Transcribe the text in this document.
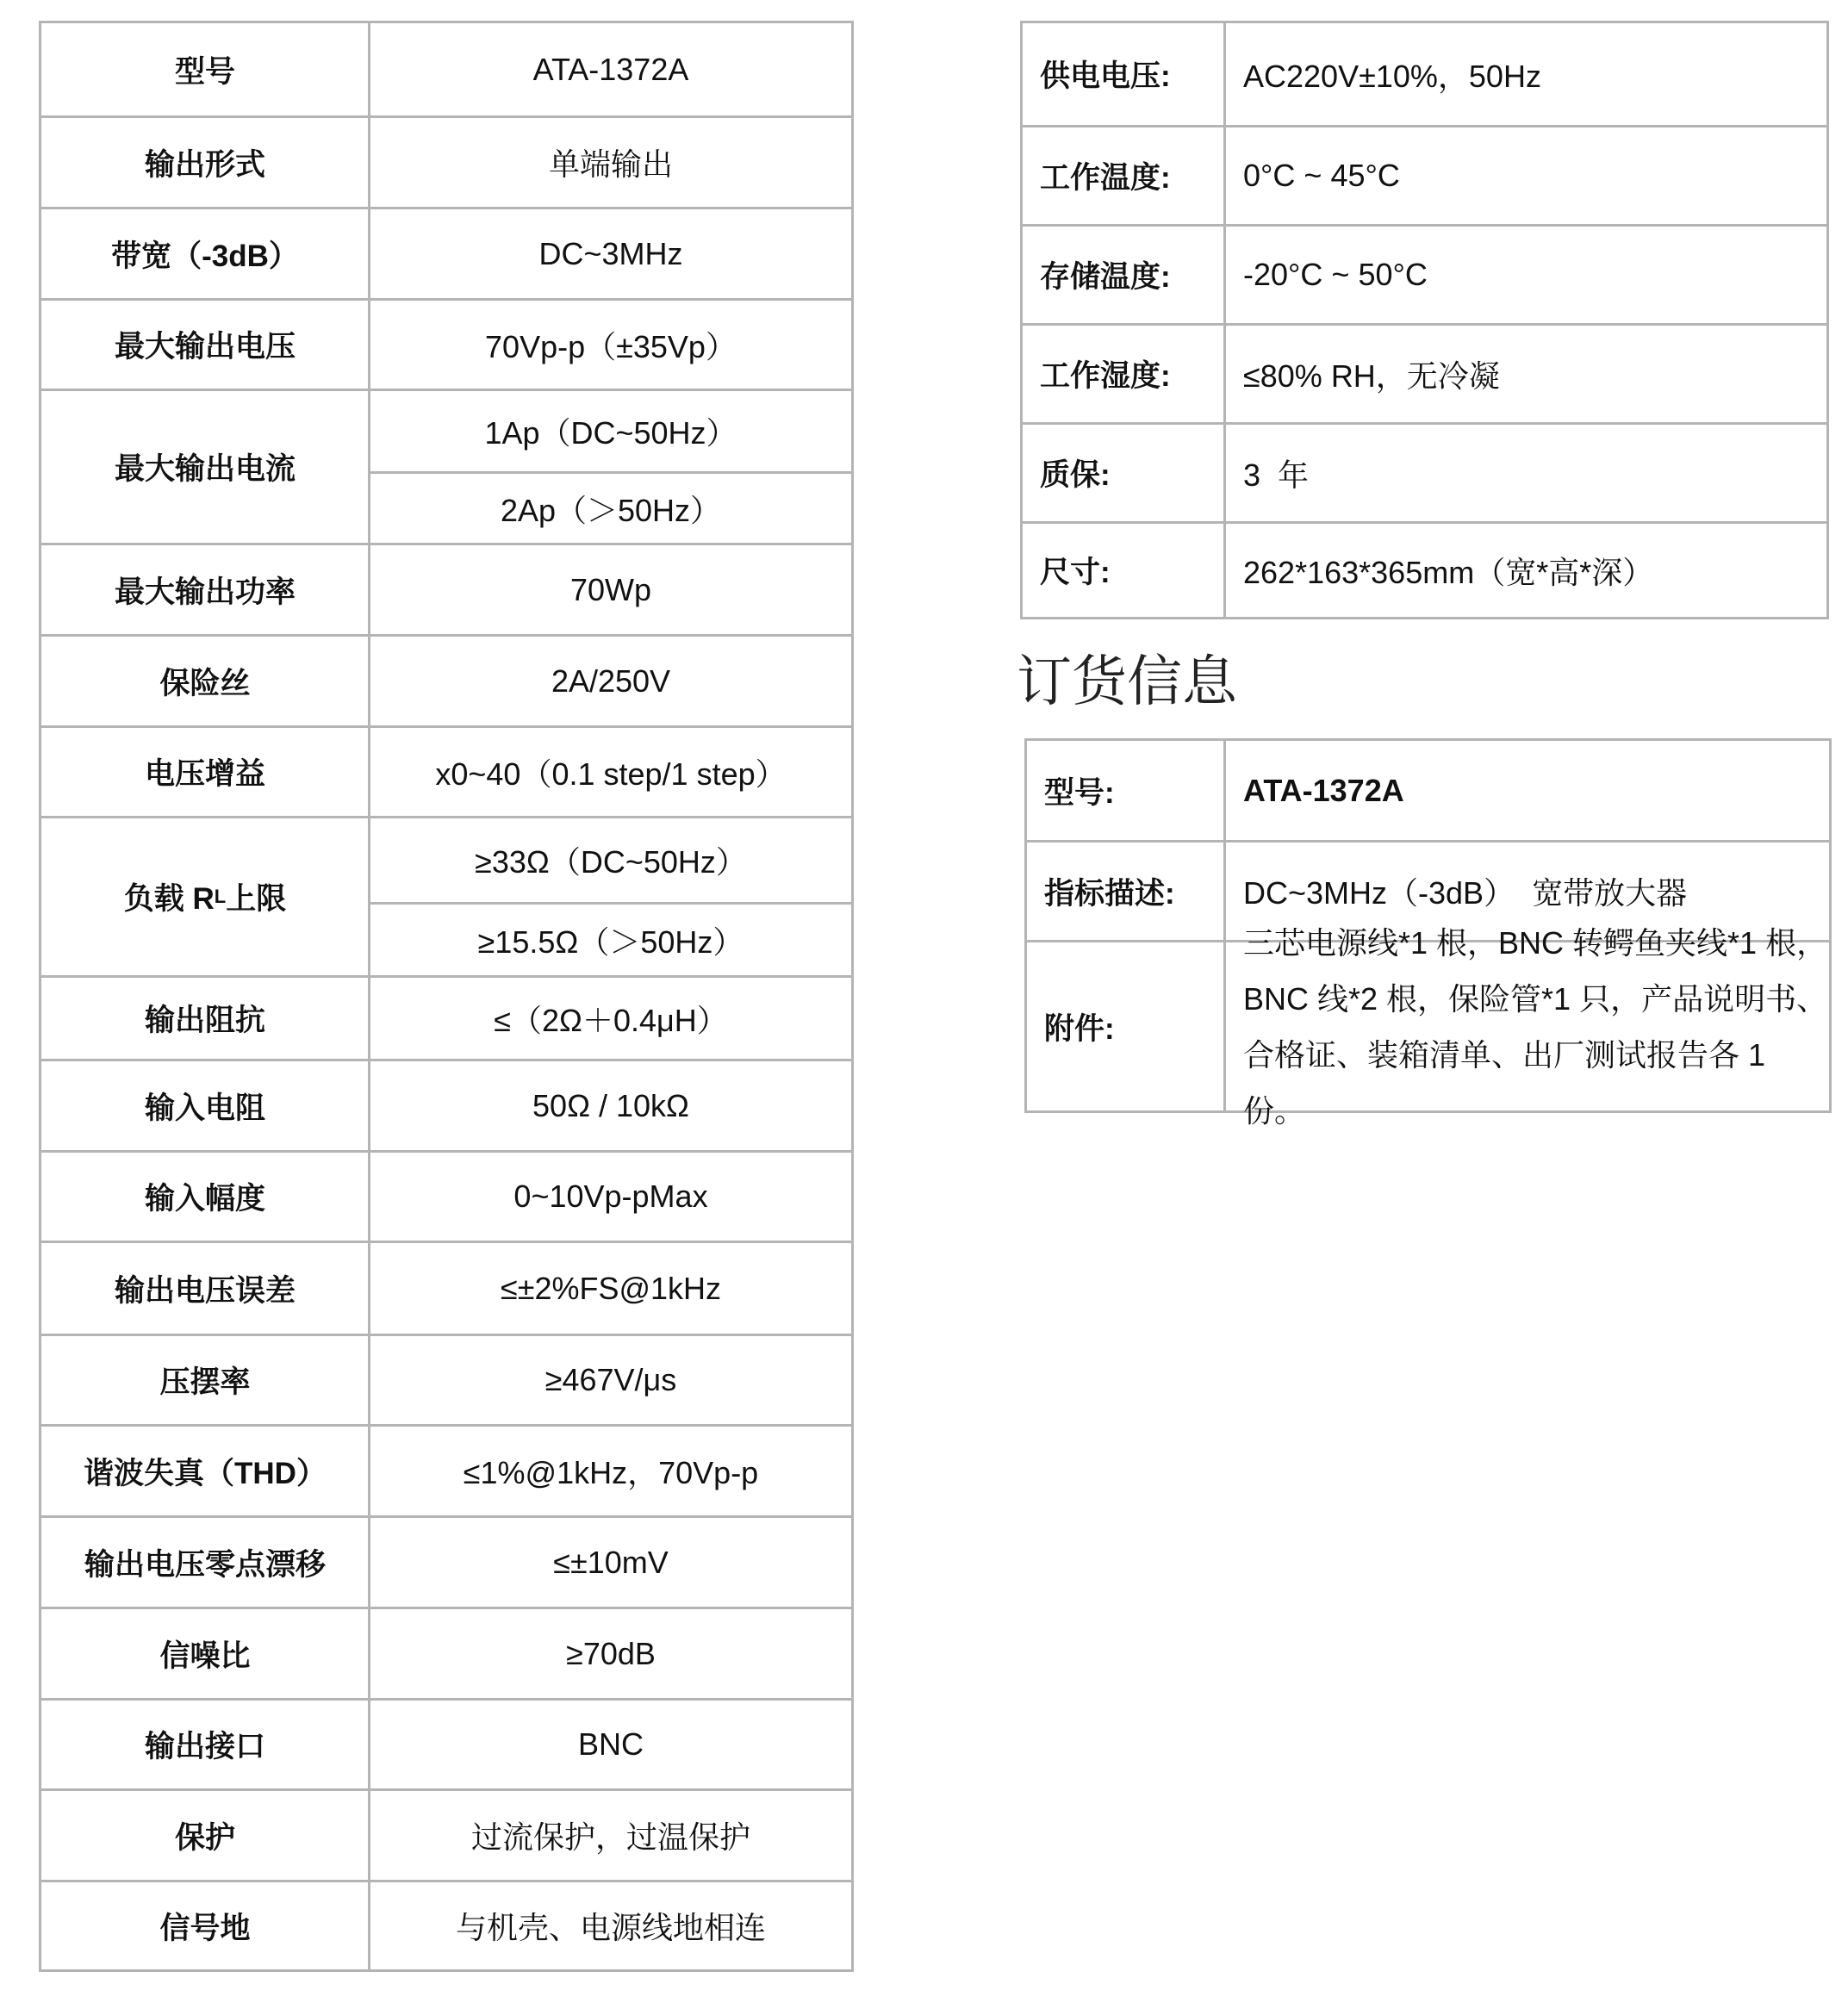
型号	ATA-1372A
输出形式	单端输出
带宽（-3dB）	DC~3MHz
最大输出电压	70Vp-p（±35Vp）
最大输出电流
1Ap（DC~50Hz）
2Ap（＞50Hz）
最大输出功率	70Wp
保险丝	2A/250V
电压增益	x0~40（0.1 step/1 step）
负载 R L 上限
≥33Ω（DC~50Hz）
≥15.5Ω（＞50Hz）
输出阻抗	≤（2Ω＋0.4μH）
输入电阻	50Ω / 10kΩ
输入幅度	0~10Vp-pMax
输出电压误差	≤±2%FS@1kHz
压摆率	≥467V/μs
谐波失真（THD）	≤1%@1kHz，70Vp-p
输出电压零点漂移	≤±10mV
信噪比	≥70dB
输出接口	BNC
保护	过流保护，过温保护
信号地	与机壳、电源线地相连
供电电压:	AC220V±10%，50Hz
工作温度:	0°C ~ 45°C
存储温度:	-20°C ~ 50°C
工作湿度:	≤80% RH，无冷凝
质保:	3  年
尺寸:	262*163*365mm（宽*高*深）
订货信息
型号:	ATA-1372A
指标描述:	DC~3MHz（-3dB）  宽带放大器
附件:
三芯电源线*1 根，BNC 转鳄鱼夹线*1 根，
BNC 线*2 根，保险管*1 只，产品说明书、
合格证、装箱清单、出厂测试报告各 1 份。
